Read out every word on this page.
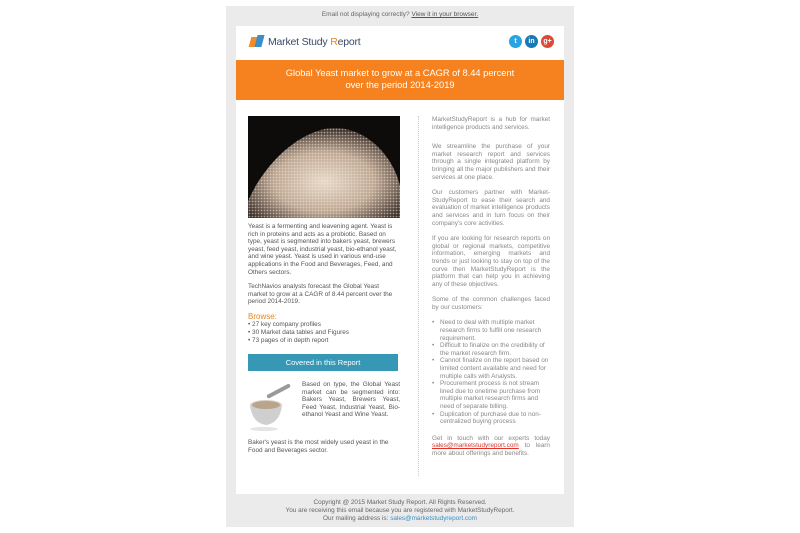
Email not displaying correctly? View it in your browser.
Market Study Report	t	in	g+
Global Yeast market to grow at a CAGR of 8.44 percent
over the period 2014-2019
Yeast is a fermenting and leavening agent. Yeast is rich in proteins and acts as a probiotic. Based on type, yeast is segmented into bakers yeast, brewers yeast, feed yeast, industrial yeast, bio-ethanol yeast, and wine yeast. Yeast is used in various end-use applications in the Food and Beverages, Feed, and Others sectors.
TechNavios analysts forecast the Global Yeast market to grow at a CAGR of 8.44 percent over the period 2014-2019.
Browse:
• 27 key company profiles
• 30 Market data tables and Figures
• 73 pages of in depth report
Covered in this Report
Based on type, the Global Yeast market can be segmented into: Bakers Yeast, Brewers Yeast, Feed Yeast, Industrial Yeast, Bio-ethanol Yeast and Wine Yeast.
Baker's yeast is the most widely used yeast in the Food and Beverages sector.

MarketStudyReport is a hub for market intelligence products and services.

We streamline the purchase of your market research report and services through a single integrated platform by bringing all the major publishers and their services at one place.

Our customers partner with Market-StudyReport to ease their search and evaluation of market intelligence products and services and in turn focus on their company's core activities.

If you are looking for research reports on global or regional markets, competitive information, emerging markets and trends or just looking to stay on top of the curve then MarketStudyReport is the platform that can help you in achieving any of these objectives.

Some of the common challenges faced by our customers:

• Need to deal with multiple market research firms to fulfill one research requirement.
• Difficult to finalize on the credibility of the market research firm.
• Cannot finalize on the report based on limited content available and need for multiple calls with Analysts.
• Procurement process is not stream lined due to onetime purchase from multiple market research firms and need of separate billing.
• Duplication of purchase due to non-centralized buying process

Get in touch with our experts today sales@marketstudyreport.com to learn more about offerings and benefits.

Copyright @ 2015 Market Study Report. All Rights Reserved.
You are receiving this email because you are registered with MarketStudyReport.
Our mailing address is: sales@marketstudyreport.com
